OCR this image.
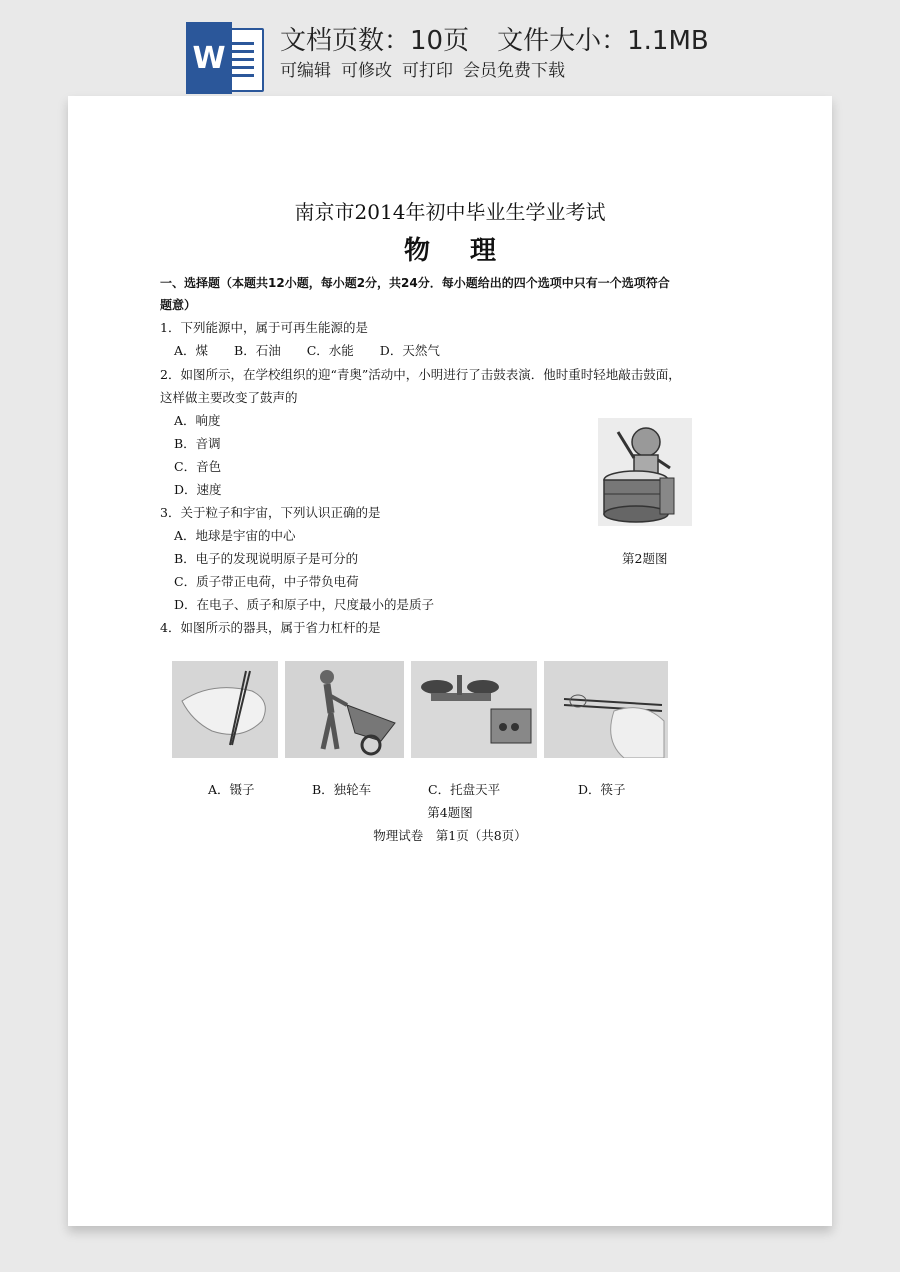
W 文档页数：10页 文件大小：1.1MB
可编辑 可修改 可打印 会员免费下载
南京市2014年初中毕业生学业考试
物理
一、选择题（本题共12小题，每小题2分，共24分．每小题给出的四个选项中只有一个选项符合
题意）
1．下列能源中，属于可再生能源的是
A．煤 B．石油 C．水能 D．天然气
2．如图所示，在学校组织的迎“青奥”活动中，小明进行了击鼓表演．他时重时轻地敲击鼓面，
这样做主要改变了鼓声的
A．响度
B．音调
C．音色
D．速度
第2题图
3．关于粒子和宇宙，下列认识正确的是
A．地球是宇宙的中心
B．电子的发现说明原子是可分的
C．质子带正电荷，中子带负电荷
D．在电子、质子和原子中，尺度最小的是质子
4．如图所示的器具，属于省力杠杆的是
A．镊子	B．独轮车	C．托盘天平	D．筷子
第4题图
物理试卷　第1页（共8页）
